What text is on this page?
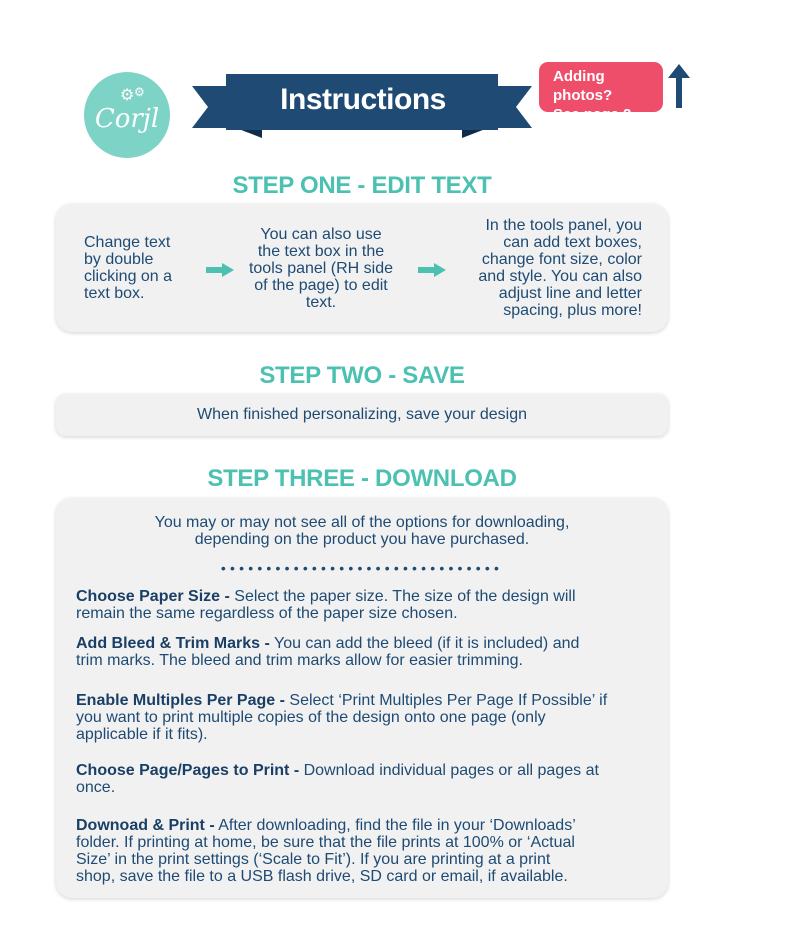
⚙ ⚙
Corjl
Instructions
Adding photos?
See page 2.
STEP ONE - EDIT TEXT
Change text
by double
clicking on a
text box.
You can also use
the text box in the
tools panel (RH side
of the page) to edit
text.
In the tools panel, you
can add text boxes,
change font size, color
and style. You can also
adjust line and letter
spacing, plus more!
STEP TWO - SAVE
When finished personalizing, save your design
STEP THREE - DOWNLOAD
You may or may not see all of the options for downloading,
depending on the product you have purchased.
•••••••••••••••••••••••••••••••
Choose Paper Size - Select the paper size. The size of the design will
remain the same regardless of the paper size chosen.
Add Bleed & Trim Marks - You can add the bleed (if it is included) and
trim marks. The bleed and trim marks allow for easier trimming.
Enable Multiples Per Page - Select ‘Print Multiples Per Page If Possible’ if
you want to print multiple copies of the design onto one page (only
applicable if it fits).
Choose Page/Pages to Print - Download individual pages or all pages at
once.
Downoad & Print - After downloading, find the file in your ‘Downloads’
folder. If printing at home, be sure that the file prints at 100% or ‘Actual
Size’ in the print settings (‘Scale to Fit’). If you are printing at a print
shop, save the file to a USB flash drive, SD card or email, if available.
